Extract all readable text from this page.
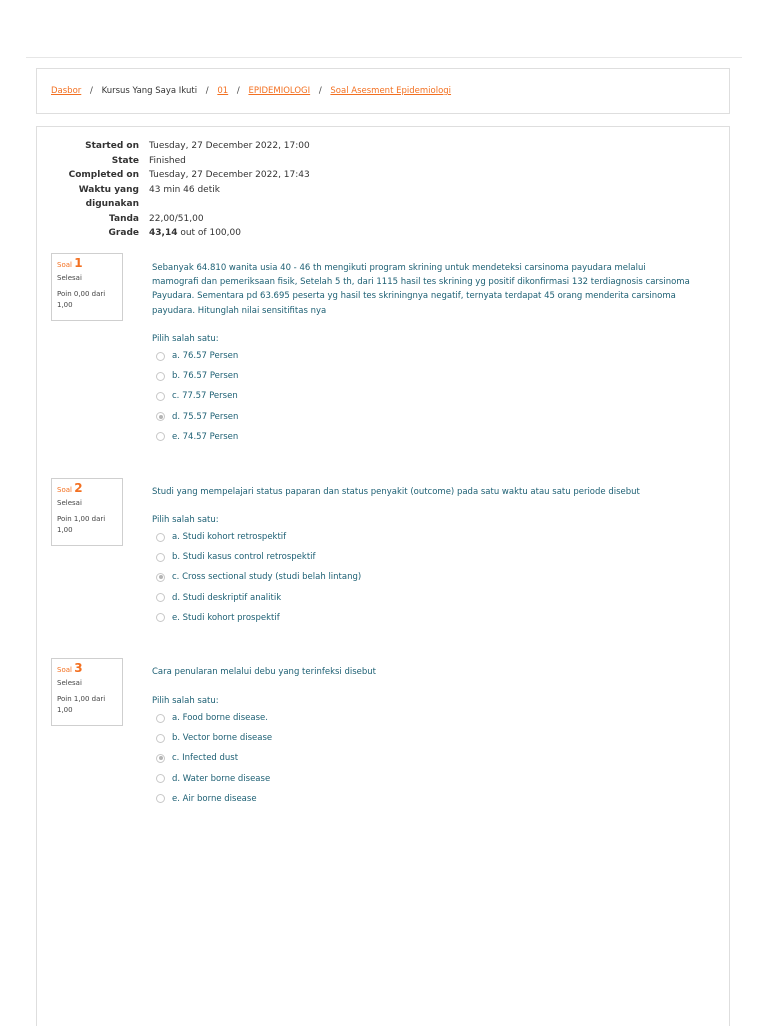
Dasbor / Kursus Yang Saya Ikuti / 01 / EPIDEMIOLOGI / Soal Asesment Epidemiologi
Started on	Tuesday, 27 December 2022, 17:00
State	Finished
Completed on	Tuesday, 27 December 2022, 17:43
Waktu yang
digunakan
43 min 46 detik
Tanda	22,00/51,00
Grade	43,14 out of 100,00
Soal 1
Selesai
Poin 0,00 dari
1,00
Sebanyak 64.810 wanita usia 40 - 46 th mengikuti program skrining untuk mendeteksi carsinoma payudara melalui mamografi dan pemeriksaan fisik, Setelah 5 th, dari 1115 hasil tes skrining yg positif dikonfirmasi 132 terdiagnosis carsinoma Payudara. Sementara pd 63.695 peserta yg hasil tes skriningnya negatif, ternyata terdapat 45 orang menderita carsinoma payudara. Hitunglah nilai sensitifitas nya
Pilih salah satu:
a. 76.57 Persen
b. 76.57 Persen
c. 77.57 Persen
d. 75.57 Persen
e. 74.57 Persen
Soal 2
Selesai
Poin 1,00 dari
1,00
Studi yang mempelajari status paparan dan status penyakit (outcome) pada satu waktu atau satu periode disebut
Pilih salah satu:
a. Studi kohort retrospektif
b. Studi kasus control retrospektif
c. Cross sectional study (studi belah lintang)
d. Studi deskriptif analitik
e. Studi kohort prospektif
Soal 3
Selesai
Poin 1,00 dari
1,00
Cara penularan melalui debu yang terinfeksi disebut
Pilih salah satu:
a. Food borne disease.
b. Vector borne disease
c. Infected dust
d. Water borne disease
e. Air borne disease
